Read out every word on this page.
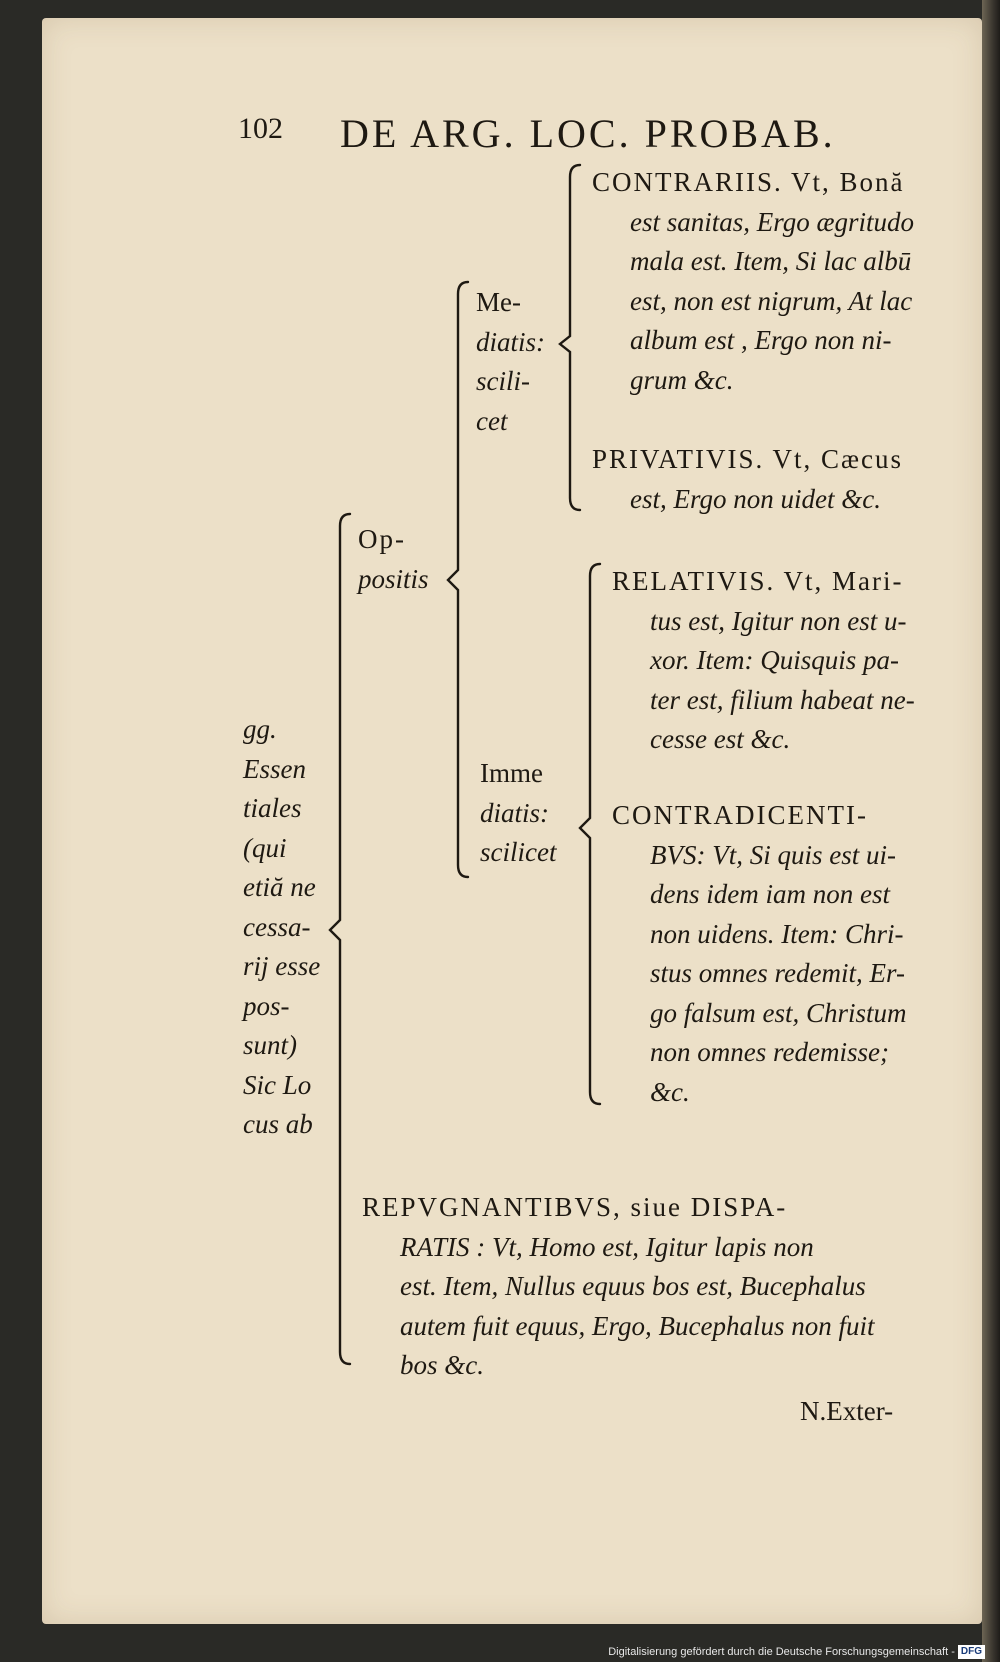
102 DE ARG. LOC. PROBAB.
gg.
Essen
tiales
(qui
etiă ne
cessa-
rij esse
pos-
sunt)
Sic Lo
cus ab
Op-
positis
Me-
diatis:
scili-
cet
Imme
diatis:
scilicet
CONTRARIIS. Vt, Bonă
est sanitas, Ergo ægritudo
mala est. Item, Si lac albū
est, non est nigrum, At lac
album est , Ergo non ni-
grum &c.
PRIVATIVIS. Vt, Cæcus
est, Ergo non uidet &c.
RELATIVIS. Vt, Mari-
tus est, Igitur non est u-
xor. Item: Quisquis pa-
ter est, filium habeat ne-
cesse est &c.
CONTRADICENTI-
BVS: Vt, Si quis est ui-
dens idem iam non est
non uidens. Item: Chri-
stus omnes redemit, Er-
go falsum est, Christum
non omnes redemisse;
&c.
REPVGNANTIBVS, siue DISPA-
RATIS : Vt, Homo est, Igitur lapis non
est. Item, Nullus equus bos est, Bucephalus
autem fuit equus, Ergo, Bucephalus non fuit
bos &c.
N.Exter-
Digitalisierung gefördert durch die Deutsche Forschungsgemeinschaft - DFG
